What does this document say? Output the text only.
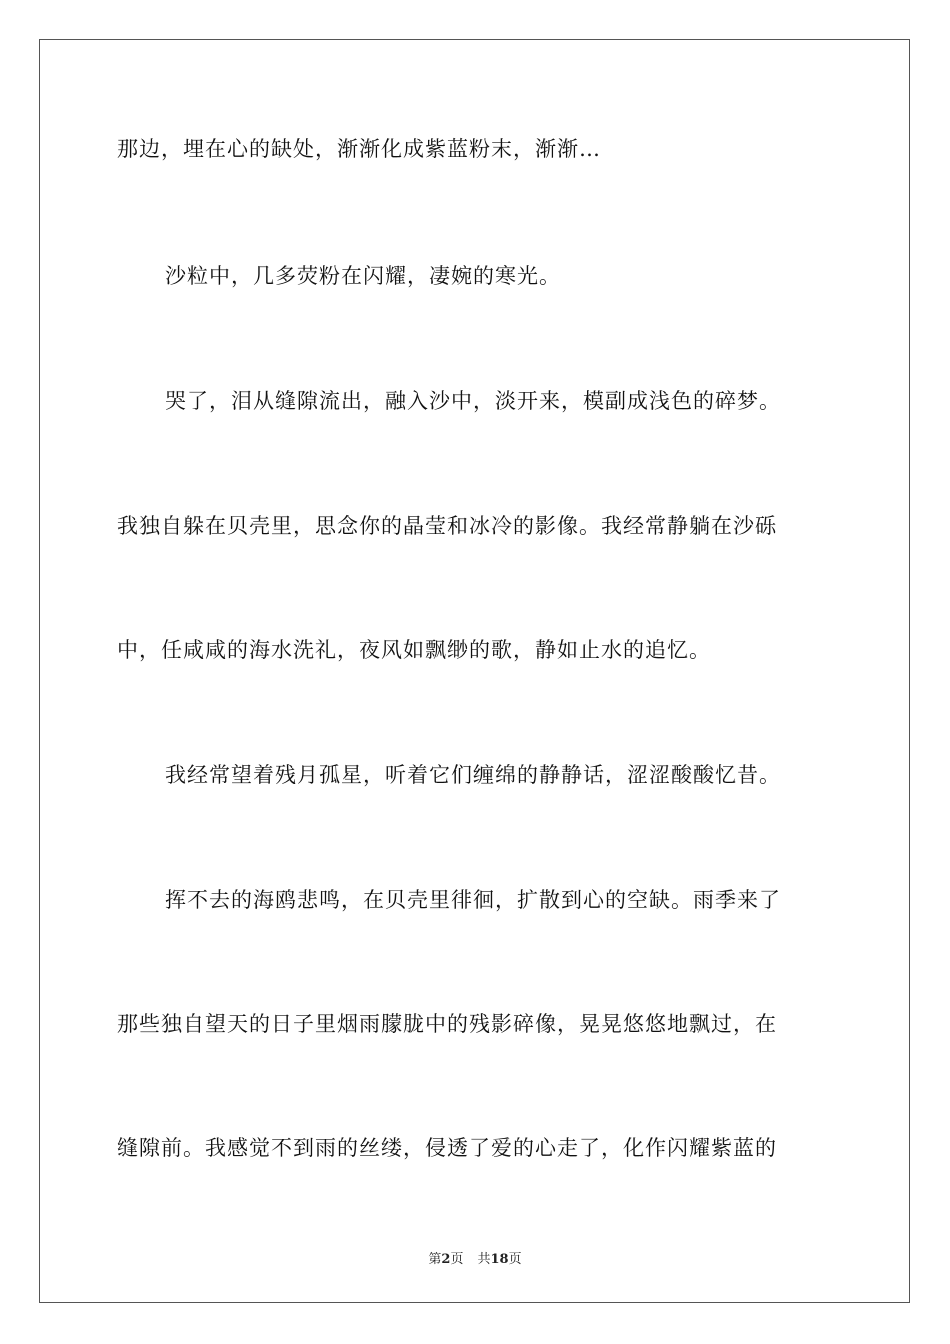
那边，埋在心的缺处，渐渐化成紫蓝粉末，渐渐…
沙粒中，几多荧粉在闪耀，凄婉的寒光。
哭了，泪从缝隙流出，融入沙中，淡开来，模副成浅色的碎梦。
我独自躲在贝壳里，思念你的晶莹和冰冷的影像。我经常静躺在沙砾
中，任咸咸的海水洗礼，夜风如飘缈的歌，静如止水的追忆。
我经常望着残月孤星，听着它们缠绵的静静话，涩涩酸酸忆昔。
挥不去的海鸥悲鸣，在贝壳里徘徊，扩散到心的空缺。雨季来了
那些独自望天的日子里烟雨朦胧中的残影碎像，晃晃悠悠地飘过，在
缝隙前。我感觉不到雨的丝缕，侵透了爱的心走了，化作闪耀紫蓝的
第2页 共18页
